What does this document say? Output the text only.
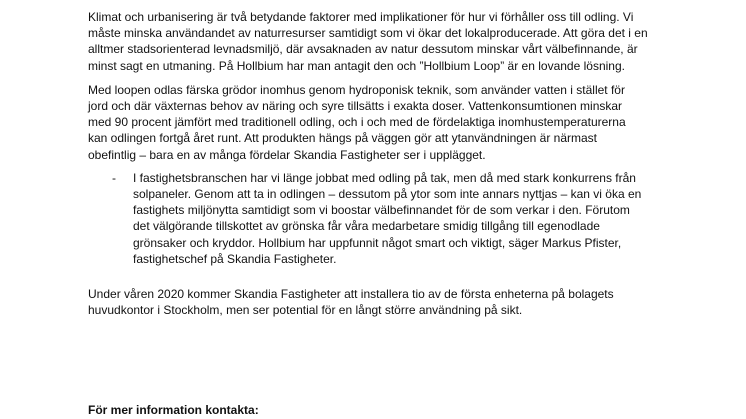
Klimat och urbanisering är två betydande faktorer med implikationer för hur vi förhåller oss till odling. Vi måste minska användandet av naturresurser samtidigt som vi ökar det lokalproducerade. Att göra det i en alltmer stadsorienterad levnadsmiljö, där avsaknaden av natur dessutom minskar vårt välbefinnande, är minst sagt en utmaning. På Hollbium har man antagit den och ”Hollbium Loop” är en lovande lösning.

Med loopen odlas färska grödor inomhus genom hydroponisk teknik, som använder vatten i stället för jord och där växternas behov av näring och syre tillsätts i exakta doser. Vattenkonsumtionen minskar med 90 procent jämfört med traditionell odling, och i och med de fördelaktiga inomhustemperaturerna kan odlingen fortgå året runt. Att produkten hängs på väggen gör att ytanvändningen är närmast obefintlig – bara en av många fördelar Skandia Fastigheter ser i upplägget.

- I fastighetsbranschen har vi länge jobbat med odling på tak, men då med stark konkurrens från solpaneler. Genom att ta in odlingen – dessutom på ytor som inte annars nyttjas – kan vi öka en fastighets miljönytta samtidigt som vi boostar välbefinnandet för de som verkar i den. Förutom det välgörande tillskottet av grönska får våra medarbetare smidig tillgång till egenodlade grönsaker och kryddor. Hollbium har uppfunnit något smart och viktigt, säger Markus Pfister, fastighetschef på Skandia Fastigheter.

Under våren 2020 kommer Skandia Fastigheter att installera tio av de första enheterna på bolagets huvudkontor i Stockholm, men ser potential för en långt större användning på sikt.

För mer information kontakta:
